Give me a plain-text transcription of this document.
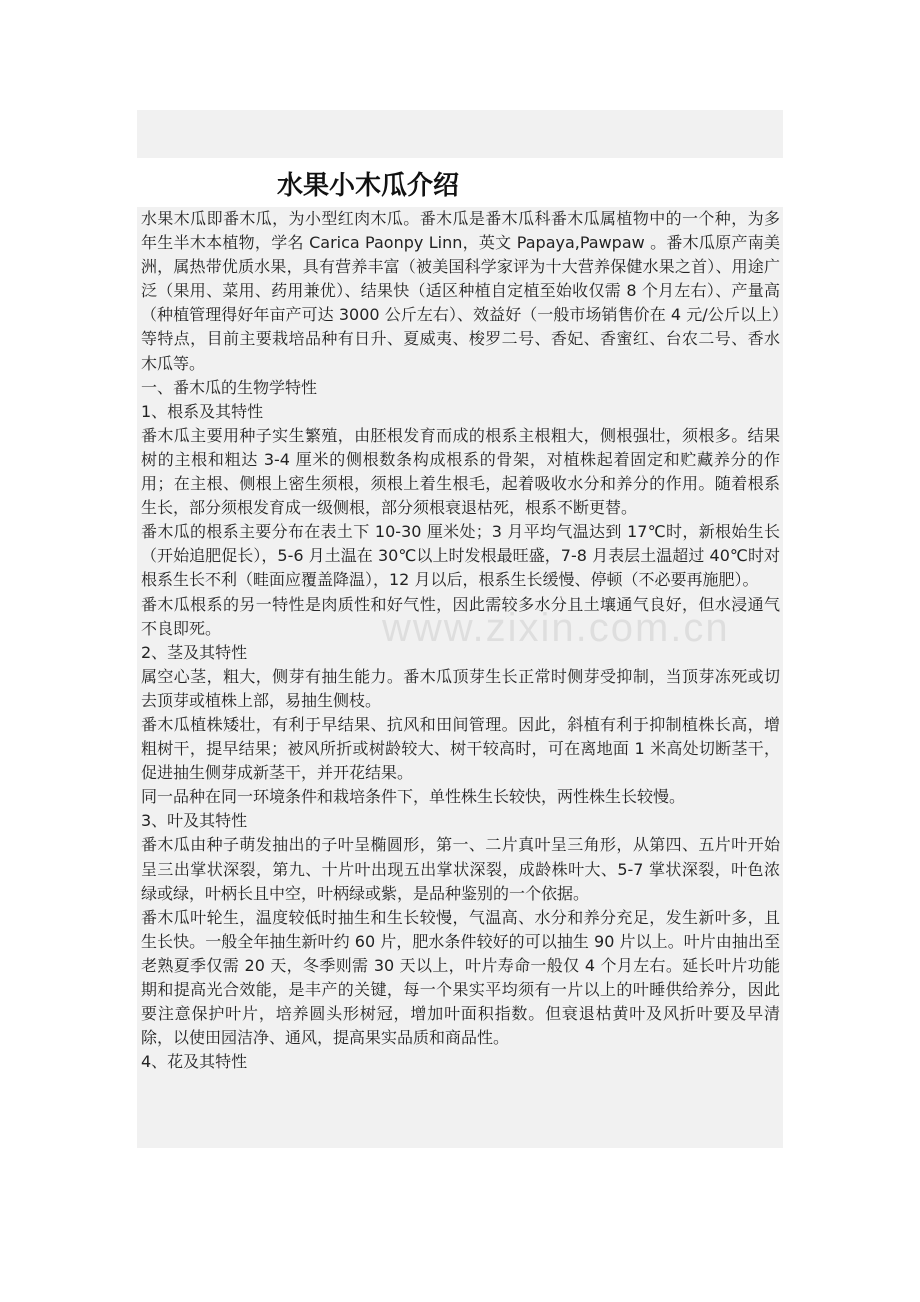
水果小木瓜介绍

水果木瓜即番木瓜，为小型红肉木瓜。番木瓜是番木瓜科番木瓜属植物中的一个种，为多年生半木本植物，学名 Carica Paonpy Linn，英文 Papaya,Pawpaw 。番木瓜原产南美洲，属热带优质水果，具有营养丰富（被美国科学家评为十大营养保健水果之首）、用途广泛（果用、菜用、药用兼优）、结果快（适区种植自定植至始收仅需 8 个月左右）、产量高（种植管理得好年亩产可达 3000 公斤左右）、效益好（一般市场销售价在 4 元/公斤以上）等特点，目前主要栽培品种有日升、夏威夷、梭罗二号、香妃、香蜜红、台农二号、香水木瓜等。

一、番木瓜的生物学特性

1、根系及其特性

番木瓜主要用种子实生繁殖，由胚根发育而成的根系主根粗大，侧根强壮，须根多。结果树的主根和粗达 3-4 厘米的侧根数条构成根系的骨架，对植株起着固定和贮藏养分的作用；在主根、侧根上密生须根，须根上着生根毛，起着吸收水分和养分的作用。随着根系生长，部分须根发育成一级侧根，部分须根衰退枯死，根系不断更替。

番木瓜的根系主要分布在表土下 10-30 厘米处；3 月平均气温达到 17℃时，新根始生长（开始追肥促长），5-6 月土温在 30℃以上时发根最旺盛，7-8 月表层土温超过 40℃时对根系生长不利（畦面应覆盖降温），12 月以后，根系生长缓慢、停顿（不必要再施肥）。

番木瓜根系的另一特性是肉质性和好气性，因此需较多水分且土壤通气良好，但水浸通气不良即死。

2、茎及其特性

属空心茎，粗大，侧芽有抽生能力。番木瓜顶芽生长正常时侧芽受抑制，当顶芽冻死或切去顶芽或植株上部，易抽生侧枝。

番木瓜植株矮壮，有利于早结果、抗风和田间管理。因此，斜植有利于抑制植株长高，增粗树干，提早结果；被风所折或树龄较大、树干较高时，可在离地面 1 米高处切断茎干，促进抽生侧芽成新茎干，并开花结果。

同一品种在同一环境条件和栽培条件下，单性株生长较快，两性株生长较慢。

3、叶及其特性

番木瓜由种子萌发抽出的子叶呈椭圆形，第一、二片真叶呈三角形，从第四、五片叶开始呈三出掌状深裂，第九、十片叶出现五出掌状深裂，成龄株叶大、5-7 掌状深裂，叶色浓绿或绿，叶柄长且中空，叶柄绿或紫，是品种鉴别的一个依据。

番木瓜叶轮生，温度较低时抽生和生长较慢，气温高、水分和养分充足，发生新叶多，且生长快。一般全年抽生新叶约 60 片，肥水条件较好的可以抽生 90 片以上。叶片由抽出至老熟夏季仅需 20 天，冬季则需 30 天以上，叶片寿命一般仅 4 个月左右。延长叶片功能期和提高光合效能，是丰产的关键，每一个果实平均须有一片以上的叶睡供给养分，因此要注意保护叶片，培养圆头形树冠，增加叶面积指数。但衰退枯黄叶及风折叶要及早清除，以使田园洁净、通风，提高果实品质和商品性。

4、花及其特性
